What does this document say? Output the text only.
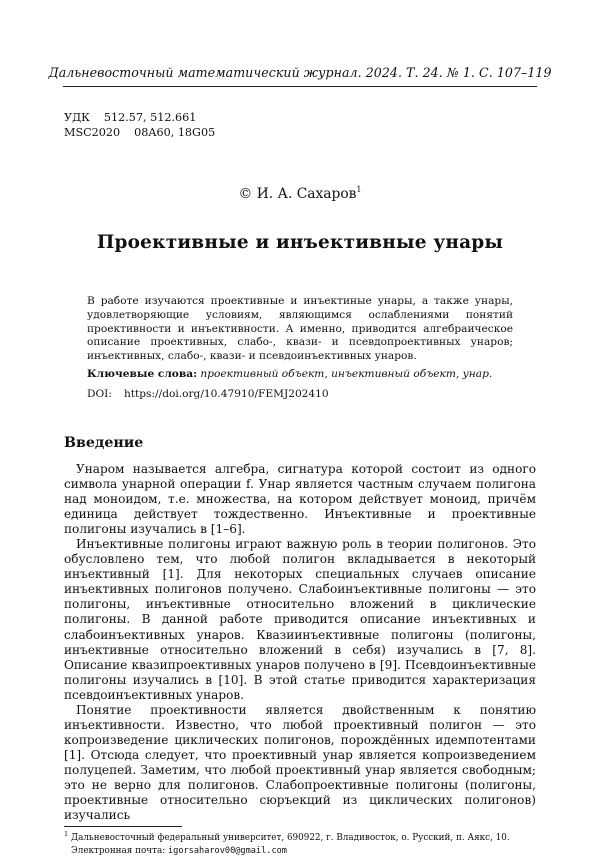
Дальневосточный математический журнал. 2024. Т. 24. № 1. С. 107–119
УДК 512.57, 512.661
MSC2020 08A60, 18G05
© И. А. Сахаров$^1$
Проективные и инъективные унары
В работе изучаются проективные и инъектиные унары, а также унары, удовлетворяющие условиям, являющимся ослаблениями понятий проективности и инъективности. А именно, приводится алгебраическое описание проективных, слабо-, квази- и псевдопроективных унаров; инъективных, слабо-, квази- и псевдоинъективных унаров.
Ключевые слова: проективный объект, инъективный объект, унар.
DOI: https://doi.org/10.47910/FEMJ202410
Введение

Унаром называется алгебра, сигнатура которой состоит из одного символа унарной операции f. Унар является частным случаем полигона над моноидом, т.е. множества, на котором действует моноид, причём единица действует тождественно. Инъективные и проективные полигоны изучались в [1–6].

Инъективные полигоны играют важную роль в теории полигонов. Это обусловлено тем, что любой полигон вкладывается в некоторый инъективный [1]. Для некоторых специальных случаев описание инъективных полигонов получено. Слабоинъективные полигоны — это полигоны, инъективные относительно вложений в циклические полигоны. В данной работе приводится описание инъективных и слабоинъективных унаров. Квазиинъективные полигоны (полигоны, инъективные относительно вложений в себя) изучались в [7, 8]. Описание квазипроективных унаров получено в [9]. Псевдоинъективные полигоны изучались в [10]. В этой статье приводится характеризация псевдоинъективных унаров.

Понятие проективности является двойственным к понятию инъективности. Известно, что любой проективный полигон — это копроизведение циклических полигонов, порождённых идемпотентами [1]. Отсюда следует, что проективный унар является копроизведением полуцепей. Заметим, что любой проективный унар является свободным; это не верно для полигонов. Слабопроективные полигоны (полигоны, проективные относительно сюръекций из циклических полигонов) изучались

$^1$ Дальневосточный федеральный университет, 690922, г. Владивосток, о. Русский, п. Аякс, 10.
Электронная почта: igorsaharov00@gmail.com
